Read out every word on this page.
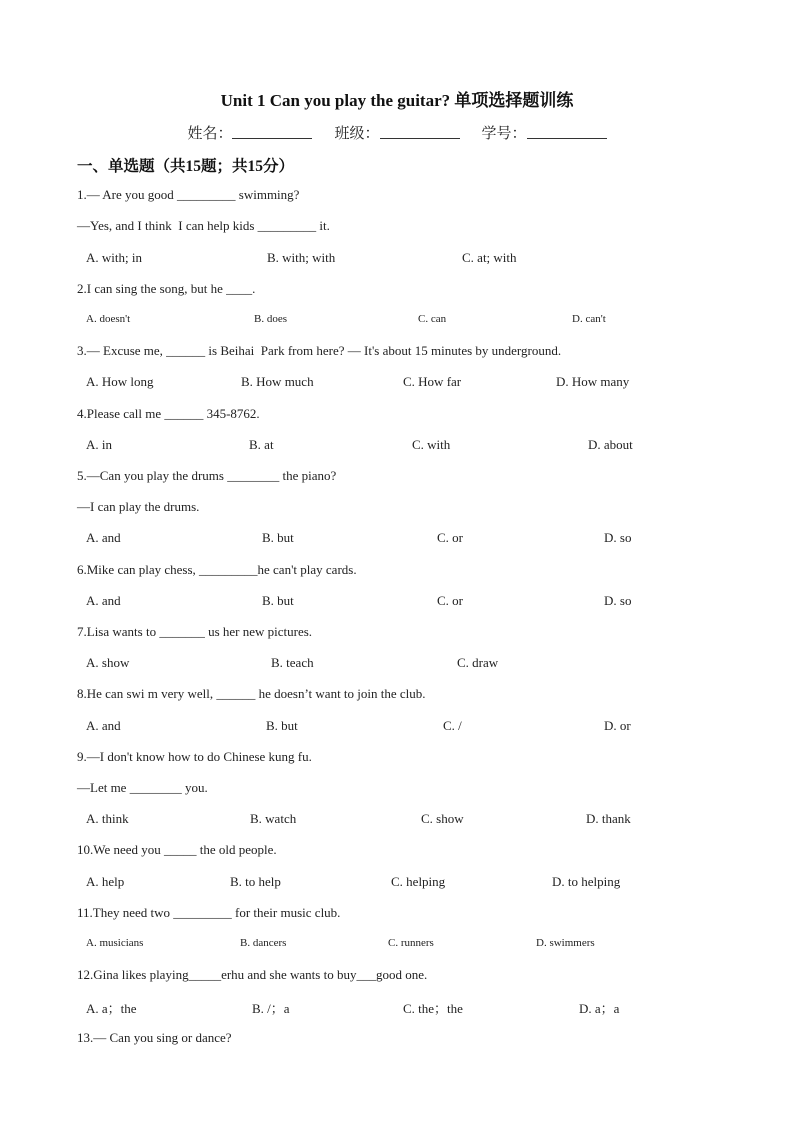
Unit 1 Can you play the guitar? 单项选择题训练
姓名：	班级：	学号：
一、单选题（共15题；共15分）
1.— Are you good _________ swimming?
—Yes, and I think  I can help kids _________ it.
A. with; in	B. with; with	C. at; with
2.I can sing the song, but he ____.
A. doesn't	B. does	C. can	D. can't
3.— Excuse me, ______ is Beihai  Park from here? — It's about 15 minutes by underground.
A. How long	B. How much	C. How far	D. How many
4.Please call me ______ 345-8762.
A. in	B. at	C. with	D. about
5.—Can you play the drums ________ the piano?
—I can play the drums.
A. and	B. but	C. or	D. so
6.Mike can play chess, _________he can't play cards.
A. and	B. but	C. or	D. so
7.Lisa wants to _______ us her new pictures.
A. show	B. teach	C. draw
8.He can swi m very well, ______ he doesn’t want to join the club.
A. and	B. but	C. /	D. or
9.—I don't know how to do Chinese kung fu.
—Let me ________ you.
A. think	B. watch	C. show	D. thank
10.We need you _____ the old people.
A. help	B. to help	C. helping	D. to helping
11.They need two _________ for their music club.
A. musicians	B. dancers	C. runners	D. swimmers
12.Gina likes playing_____erhu and she wants to buy___good one.
A. a；the	B. /；a	C. the；the	D. a；a
13.— Can you sing or dance?
